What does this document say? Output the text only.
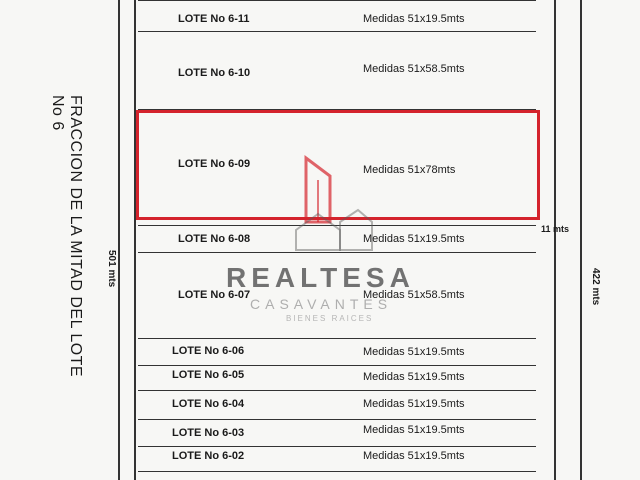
FRACCION DE LA MITAD DEL LOTE No 6
501 mts	422 mts
11 mts
LOTE No 6-11	Medidas 51x19.5mts
LOTE No 6-10	Medidas 51x58.5mts
LOTE No 6-09	Medidas 51x78mts
LOTE No 6-08	Medidas 51x19.5mts
LOTE No 6-07	Medidas 51x58.5mts
LOTE No 6-06	Medidas 51x19.5mts
LOTE No 6-05	Medidas 51x19.5mts
LOTE No 6-04	Medidas 51x19.5mts
LOTE No 6-03	Medidas 51x19.5mts
LOTE No 6-02	Medidas 51x19.5mts
REALTESA
CASAVANTES
BIENES RAICES
